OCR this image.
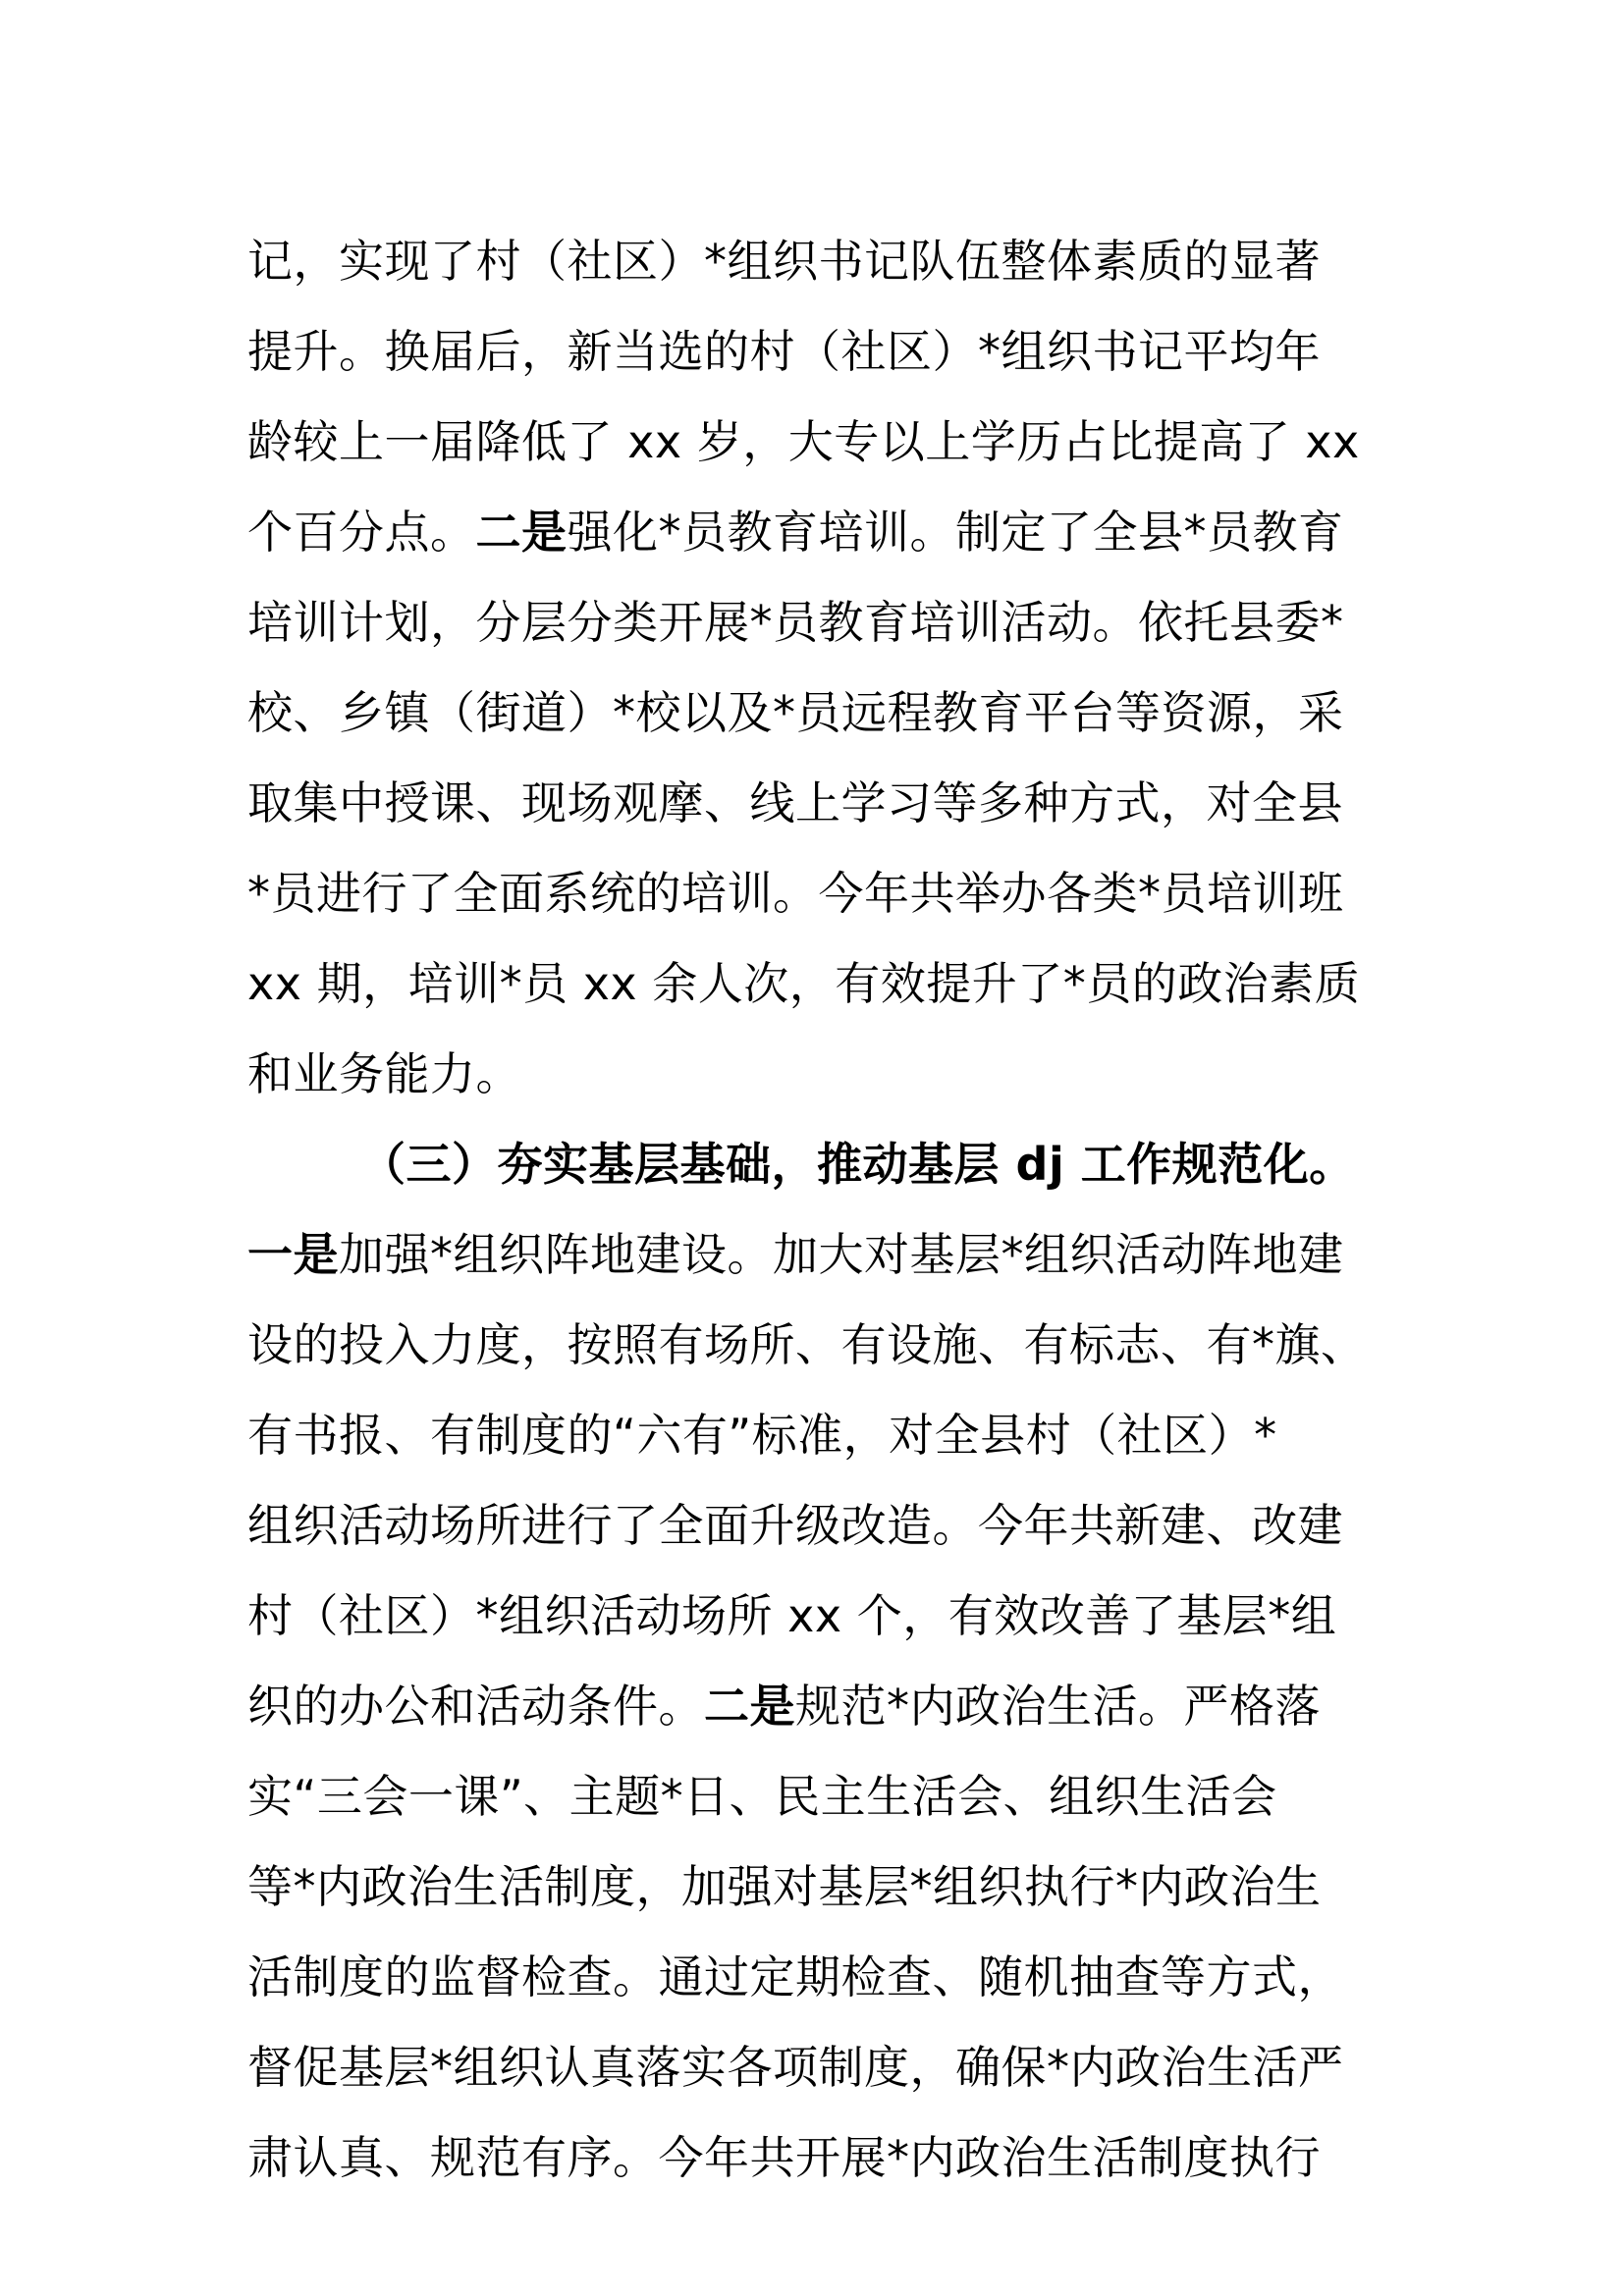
记，实现了村（社区）*组织书记队伍整体素质的显著
提升。换届后，新当选的村（社区）*组织书记平均年
龄较上一届降低了 xx 岁，大专以上学历占比提高了 xx
个百分点。二是强化*员教育培训。制定了全县*员教育
培训计划，分层分类开展*员教育培训活动。依托县委*
校、乡镇（街道）*校以及*员远程教育平台等资源，采
取集中授课、现场观摩、线上学习等多种方式，对全县
*员进行了全面系统的培训。今年共举办各类*员培训班
xx 期，培训*员 xx 余人次，有效提升了*员的政治素质
和业务能力。
（三）夯实基层基础，推动基层 dj 工作规范化。
一是加强*组织阵地建设。加大对基层*组织活动阵地建
设的投入力度，按照有场所、有设施、有标志、有*旗、
有书报、有制度的“六有”标准，对全县村（社区）*
组织活动场所进行了全面升级改造。今年共新建、改建
村（社区）*组织活动场所 xx 个，有效改善了基层*组
织的办公和活动条件。二是规范*内政治生活。严格落
实“三会一课”、主题*日、民主生活会、组织生活会
等*内政治生活制度，加强对基层*组织执行*内政治生
活制度的监督检查。通过定期检查、随机抽查等方式，
督促基层*组织认真落实各项制度，确保*内政治生活严
肃认真、规范有序。今年共开展*内政治生活制度执行
